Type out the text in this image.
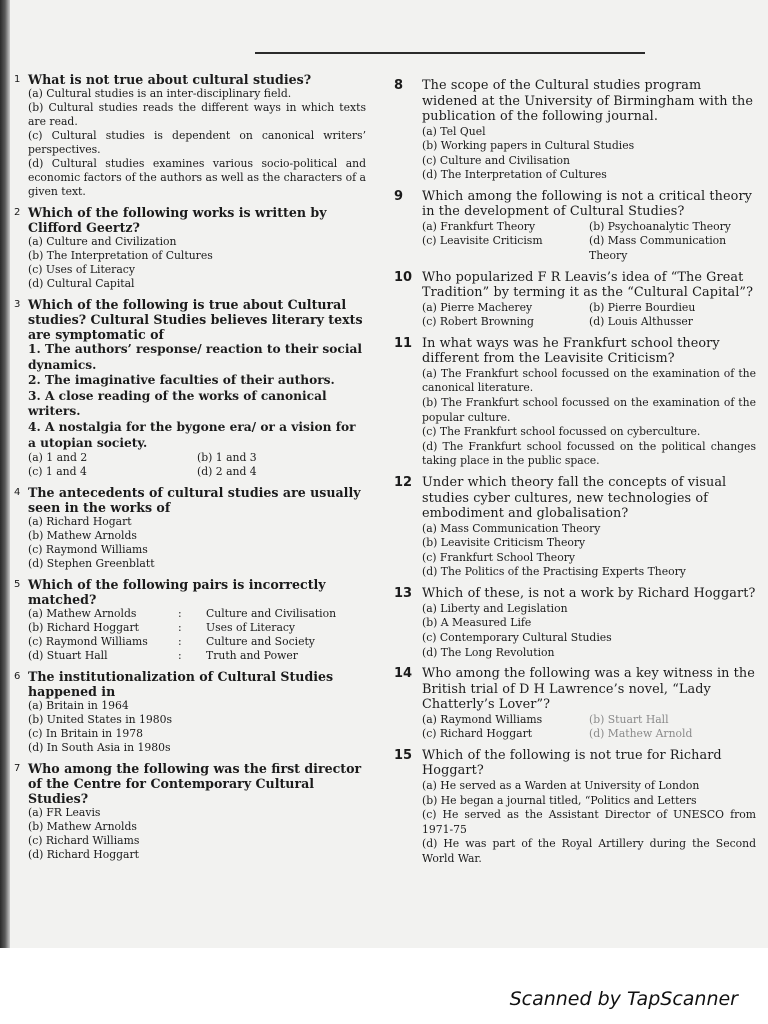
1 What is not true about cultural studies?
(a) Cultural studies is an inter-disciplinary field.
(b) Cultural studies reads the different ways in which texts are read.
(c) Cultural studies is dependent on canonical writers’ perspectives.
(d) Cultural studies examines various socio-political and economic factors of the authors as well as the characters of a given text.
2 Which of the following works is written by Clifford Geertz?
(a) Culture and Civilization
(b) The Interpretation of Cultures
(c) Uses of Literacy
(d) Cultural Capital
3 Which of the following is true about Cultural studies? Cultural Studies believes literary texts are symptomatic of
1. The authors’ response/ reaction to their social dynamics.
2. The imaginative faculties of their authors.
3. A close reading of the works of canonical writers.
4. A nostalgia for the bygone era/ or a vision for a utopian society.
(a) 1 and 2	(b) 1 and 3
(c) 1 and 4	(d) 2 and 4
4 The antecedents of cultural studies are usually seen in the works of
(a) Richard Hogart
(b) Mathew Arnolds
(c) Raymond Williams
(d) Stephen Greenblatt
5 Which of the following pairs is incorrectly matched?
(a) Mathew Arnolds	:	Culture and Civilisation
(b) Richard Hoggart	:	Uses of Literacy
(c) Raymond Williams	:	Culture and Society
(d) Stuart Hall	:	Truth and Power
6 The institutionalization of Cultural Studies happened in
(a) Britain in 1964
(b) United States in 1980s
(c) In Britain in 1978
(d) In South Asia in 1980s
7 Who among the following was the first director of the Centre for Contemporary Cultural Studies?
(a) FR Leavis
(b) Mathew Arnolds
(c) Richard Williams
(d) Richard Hoggart
8	The scope of the Cultural studies program widened at the University of Birmingham with the publication of the following journal.
(a) Tel Quel
(b) Working papers in Cultural Studies
(c) Culture and Civilisation
(d) The Interpretation of Cultures
9	Which among the following is not a critical theory in the development of Cultural Studies?
(a) Frankfurt Theory	(b) Psychoanalytic Theory
(c) Leavisite Criticism	(d) Mass Communication Theory
10 Who popularized F R Leavis’s idea of “The Great Tradition” by terming it as the “Cultural Capital”?
(a) Pierre Macherey	(b) Pierre Bourdieu
(c) Robert Browning	(d) Louis Althusser
11 In what ways was he Frankfurt school theory different from the Leavisite Criticism?
(a) The Frankfurt school focussed on the examination of the canonical literature.
(b) The Frankfurt school focussed on the examination of the popular culture.
(c) The Frankfurt school focussed on cyberculture.
(d) The Frankfurt school focussed on the political changes taking place in the public space.
12 Under which theory fall the concepts of visual studies cyber cultures, new technologies of embodiment and globalisation?
(a) Mass Communication Theory
(b) Leavisite Criticism Theory
(c) Frankfurt School Theory
(d) The Politics of the Practising Experts Theory
13 Which of these, is not a work by Richard Hoggart?
(a) Liberty and Legislation
(b) A Measured Life
(c) Contemporary Cultural Studies
(d) The Long Revolution
14 Who among the following was a key witness in the British trial of D H Lawrence’s novel, “Lady Chatterly’s Lover”?
(a) Raymond Williams	(b) Stuart Hall
(c) Richard Hoggart	(d) Mathew Arnold
15 Which of the following is not true for Richard Hoggart?
(a) He served as a Warden at University of London
(b) He began a journal titled, “Politics and Letters
(c) He served as the Assistant Director of UNESCO from 1971-75
(d) He was part of the Royal Artillery during the Second World War.
Scanned by TapScanner
